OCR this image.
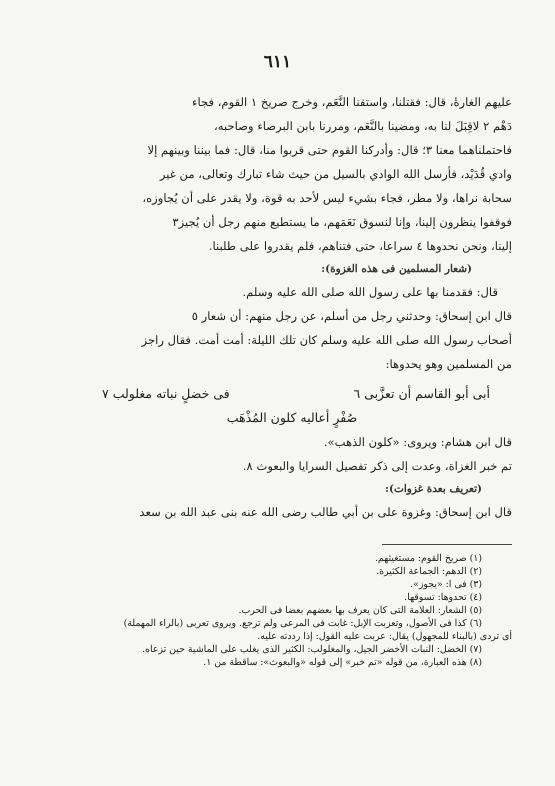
٦١١
عليهم الغارةٔ، قال: فقتلنا، واستقنا النَّعَم، وخرج صريخ ١ القوم، فجاء
دَهْم ٢ لاقِبَلَ لنا به، ومضينا بالنَّعَم، ومررنا بابن البرصاء وصاحبه،
فاحتملناهما معنا ٣؛ قال: وأدركنا القوم حتى قربوا منا، قال: فما بيننا وبينهم إلا
وادي قُدَيْد، فأرسل الله الوادي بالسيل من حيث شاء تبارك وتعالى، من غير
سحابة نراها، ولا مطر، فجاء بشيء ليس لأحد به قوة، ولا يقدر على أن يُجاوزه،
فوقفوا ينظرون إلينا، وإنا لنسوق نَعَمَهم، ما يستطيع منهم رجل أن يُجيز٣
إلينا، ونحن نحدوها ٤ سراعا، حتى فتناهم، فلم يقدروا على طلبنا.
(شعار المسلمين فى هذه الغزوة):
قال: فقدمنا بها على رسول الله صلى الله عليه وسلم.
قال ابن إسحاق: وحدثني رجل من أسلم، عن رجل منهم: أن شعار ٥
أصحاب رسول الله صلى الله عليه وسلم كان تلك الليلة: أمت أمت. فقال راجز
من المسلمين وهو يحدوها:
أبى أبو القاسم أن تعزَّبى ٦
فى خضلٍ نباته مغلولب ٧
صُفْرٍ أعاليه كلون المُذْهَب
قال ابن هشام: ويروى: «كلون الذهب».
تم خبر الغزاة، وعدت إلى ذكر تفصيل السرايا والبعوث ٨.
(تعريف بعدة غزوات):
قال ابن إسحاق: وغزوة على بن أبي طالب رضى الله عنه بنى عبد الله بن سعد
(١) صريخ القوم: مستغيثهم.
(٢) الدهم: الجماعة الكثيرة.
(٣) فى ا: «يجوز».
(٤) تحدوها: تسوقها.
(٥) الشعار: العلامة التى كان يعرف بها بعضهم بعضا فى الحرب.
(٦) كذا فى الأصول، وتعزبت الإبل: غابت فى المرعى ولم ترجع. ويروى تعربى (بالراء المهملة)
أى تردى (بالبناء للمجهول) يقال: عربت عليه القول: إذا رددته عليه.
(٧) الخضل: النبات الأخضر الجيل، والمغلولب: الكثير الذى يغلب على الماشية حين تزعاه.
(٨) هذه العبارة، من قوله «تم خبر» إلى قوله «والبعوث»: ساقطة من ١.
